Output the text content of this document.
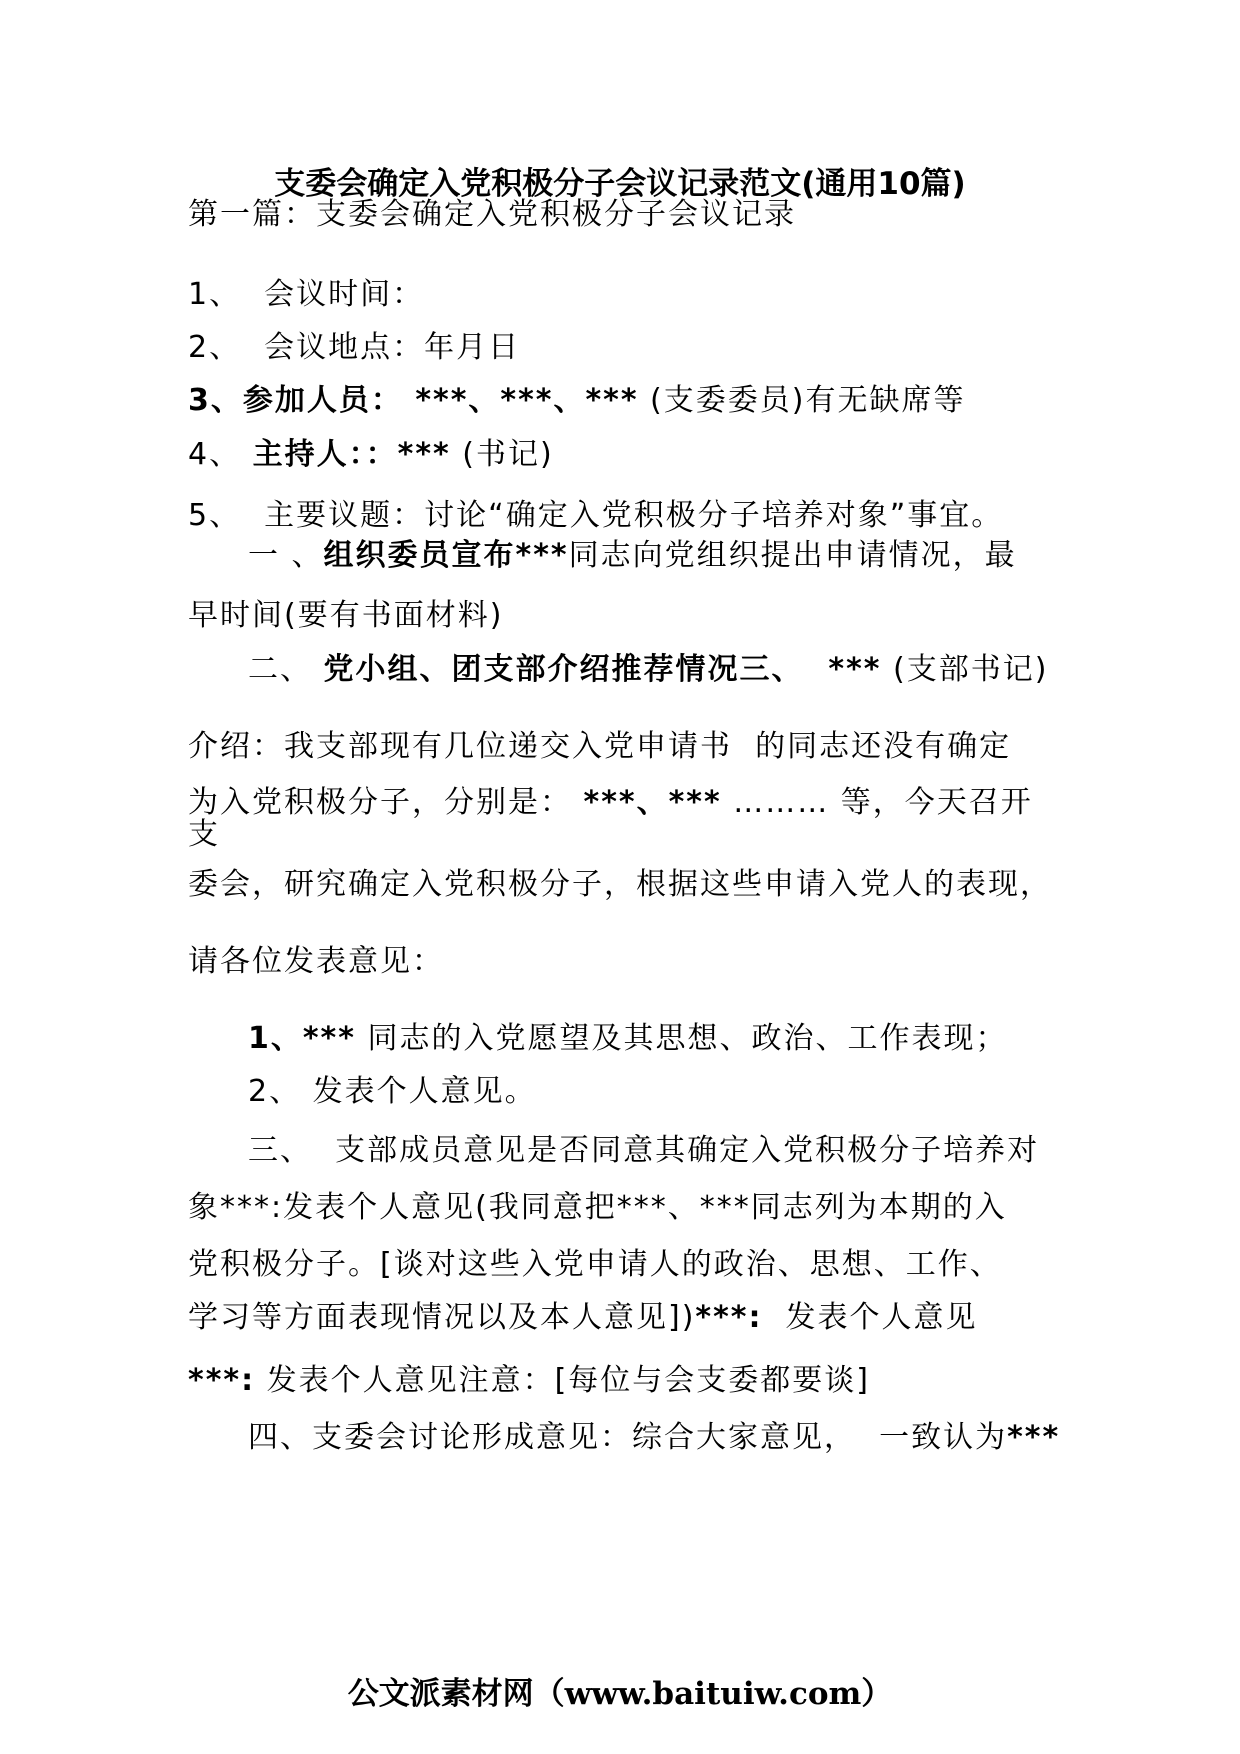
支委会确定入党积极分子会议记录范文(通用10篇)

第一篇：支委会确定入党积极分子会议记录

1、  会议时间：

2、  会议地点：年月日

3、参加人员： ***、***、*** (支委委员)有无缺席等

4、 主持人：：*** (书记)

5、  主要议题：讨论“确定入党积极分子培养对象”事宜。

一 、组织委员宣布***同志向党组织提出申请情况，最

早时间(要有书面材料)

二、 党小组、团支部介绍推荐情况三、  *** (支部书记)

介绍：我支部现有几位递交入党申请书  的同志还没有确定

为入党积极分子，分别是： ***、*** ……… 等，今天召开

支

委会，研究确定入党积极分子，根据这些申请入党人的表现，

请各位发表意见：

1、*** 同志的入党愿望及其思想、政治、工作表现；

2、 发表个人意见。

三、  支部成员意见是否同意其确定入党积极分子培养对

象***:发表个人意见(我同意把***、***同志列为本期的入

党积极分子。[谈对这些入党申请人的政治、思想、工作、

学习等方面表现情况以及本人意见])***:  发表个人意见

***: 发表个人意见注意：[每位与会支委都要谈]

四、支委会讨论形成意见：综合大家意见，  一致认为***

公文派素材网（www.baituiw.com）
